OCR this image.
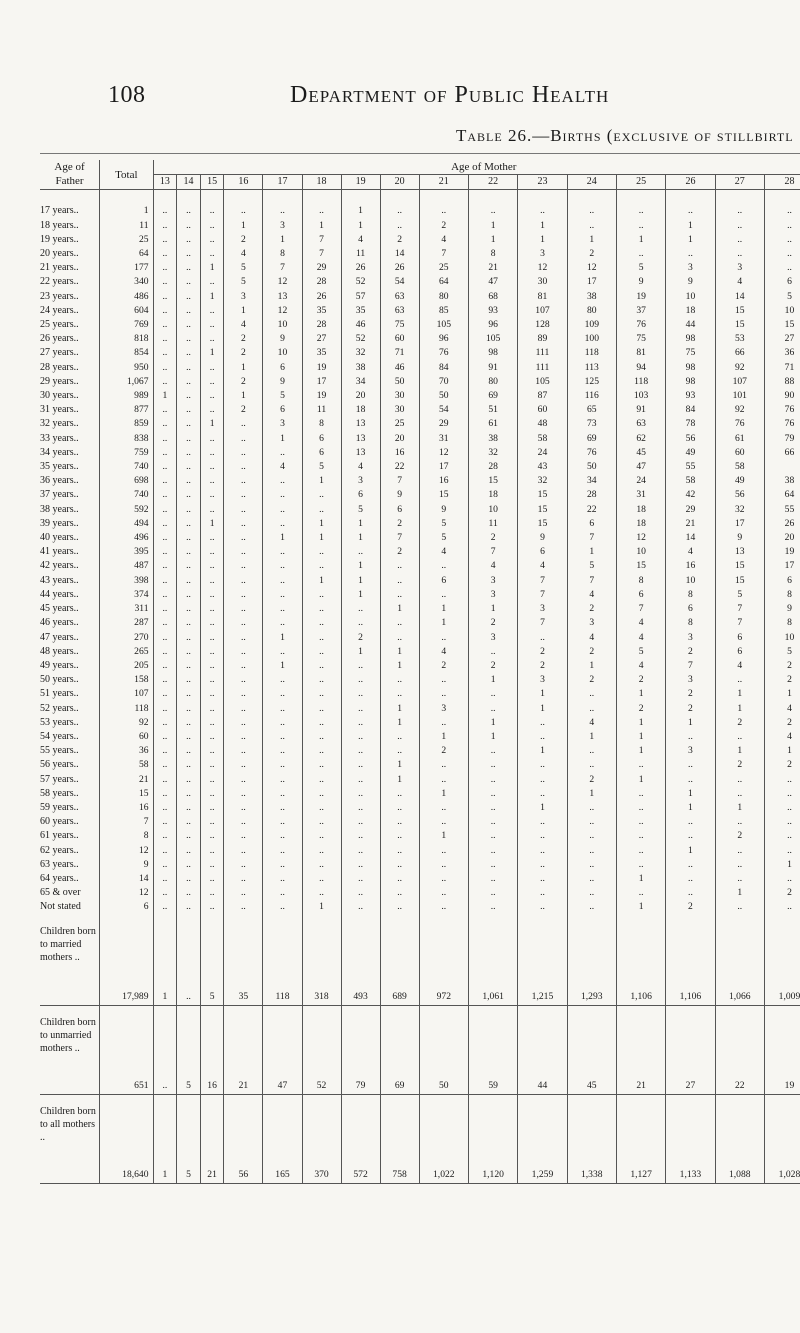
108	Department of Public Health
Table 26.—Births (exclusive of stillbirtl
Age of
Father	Total	Age of Mother															
		13	14	15	16	17	18	19	20	21	22	23	24	25	26	27	28

17 years..	1	..	..	..	..	..	..	1	..	..	..	..	..	..	..	..	..
18 years..	11	..	..	..	1	3	1	1	..	2	1	1	..	..	1	..	..
19 years..	25	..	..	..	2	1	7	4	2	4	1	1	1	1	1	..	..
20 years..	64	..	..	..	4	8	7	11	14	7	8	3	2	..	..	..	..
21 years..	177	..	..	1	5	7	29	26	26	25	21	12	12	5	3	3	..
22 years..	340	..	..	..	5	12	28	52	54	64	47	30	17	9	9	4	6
23 years..	486	..	..	1	3	13	26	57	63	80	68	81	38	19	10	14	5
24 years..	604	..	..	..	1	12	35	35	63	85	93	107	80	37	18	15	10
25 years..	769	..	..	..	4	10	28	46	75	105	96	128	109	76	44	15	15
26 years..	818	..	..	..	2	9	27	52	60	96	105	89	100	75	98	53	27
27 years..	854	..	..	1	2	10	35	32	71	76	98	111	118	81	75	66	36
28 years..	950	..	..	..	1	6	19	38	46	84	91	111	113	94	98	92	71
29 years..	1,067	..	..	..	2	9	17	34	50	70	80	105	125	118	98	107	88
30 years..	989	1	..	..	1	5	19	20	30	50	69	87	116	103	93	101	90
31 years..	877	..	..	..	2	6	11	18	30	54	51	60	65	91	84	92	76
32 years..	859	..	..	1	..	3	8	13	25	29	61	48	73	63	78	76	76
33 years..	838	..	..	..	..	1	6	13	20	31	38	58	69	62	56	61	79
34 years..	759	..	..	..	..	..	6	13	16	12	32	24	76	45	49	60	66
35 years..	740	..	..	..	..	4	5	4	22	17	28	43	50	47	55	58	
36 years..	698	..	..	..	..	..	1	3	7	16	15	32	34	24	58	49	38
37 years..	740	..	..	..	..	..	..	6	9	15	18	15	28	31	42	56	64
38 years..	592	..	..	..	..	..	..	5	6	9	10	15	22	18	29	32	55
39 years..	494	..	..	1	..	..	1	1	2	5	11	15	6	18	21	17	26
40 years..	496	..	..	..	..	1	1	1	7	5	2	9	7	12	14	9	20
41 years..	395	..	..	..	..	..	..	..	2	4	7	6	1	10	4	13	19
42 years..	487	..	..	..	..	..	..	1	..	..	4	4	5	15	16	15	17
43 years..	398	..	..	..	..	..	1	1	..	6	3	7	7	8	10	15	6
44 years..	374	..	..	..	..	..	..	1	..	..	3	7	4	6	8	5	8
45 years..	311	..	..	..	..	..	..	..	1	1	1	3	2	7	6	7	9
46 years..	287	..	..	..	..	..	..	..	..	1	2	7	3	4	8	7	8
47 years..	270	..	..	..	..	1	..	2	..	..	3	..	4	4	3	6	10
48 years..	265	..	..	..	..	..	..	1	1	4	..	2	2	5	2	6	5
49 years..	205	..	..	..	..	1	..	..	1	2	2	2	1	4	7	4	2
50 years..	158	..	..	..	..	..	..	..	..	..	1	3	2	2	3	..	2
51 years..	107	..	..	..	..	..	..	..	..	..	..	1	..	1	2	1	1
52 years..	118	..	..	..	..	..	..	..	1	3	..	1	..	2	2	1	4
53 years..	92	..	..	..	..	..	..	..	1	..	1	..	4	1	1	2	2
54 years..	60	..	..	..	..	..	..	..	..	1	1	..	1	1	..	..	4
55 years..	36	..	..	..	..	..	..	..	..	2	..	1	..	1	3	1	1
56 years..	58	..	..	..	..	..	..	..	1	..	..	..	..	..	..	2	2
57 years..	21	..	..	..	..	..	..	..	1	..	..	..	2	1	..	..	..
58 years..	15	..	..	..	..	..	..	..	..	1	..	..	1	..	1	..	..
59 years..	16	..	..	..	..	..	..	..	..	..	..	1	..	..	1	1	..
60 years..	7	..	..	..	..	..	..	..	..	..	..	..	..	..	..	..	..
61 years..	8	..	..	..	..	..	..	..	..	1	..	..	..	..	..	2	..
62 years..	12	..	..	..	..	..	..	..	..	..	..	..	..	..	1	..	..
63 years..	9	..	..	..	..	..	..	..	..	..	..	..	..	..	..	..	1
64 years..	14	..	..	..	..	..	..	..	..	..	..	..	..	1	..	..	..
65 & over	12	..	..	..	..	..	..	..	..	..	..	..	..	..	..	1	2
Not stated	6	..	..	..	..	..	1	..	..	..	..	..	..	1	2	..	..
Children born to married mothers ..	17,989	1	..	5	35	118	318	493	689	972	1,061	1,215	1,293	1,106	1,106	1,066	1,009
Children born to unmarried mothers ..	651	..	5	16	21	47	52	79	69	50	59	44	45	21	27	22	19
Children born to all mothers ..	18,640	1	5	21	56	165	370	572	758	1,022	1,120	1,259	1,338	1,127	1,133	1,088	1,028
